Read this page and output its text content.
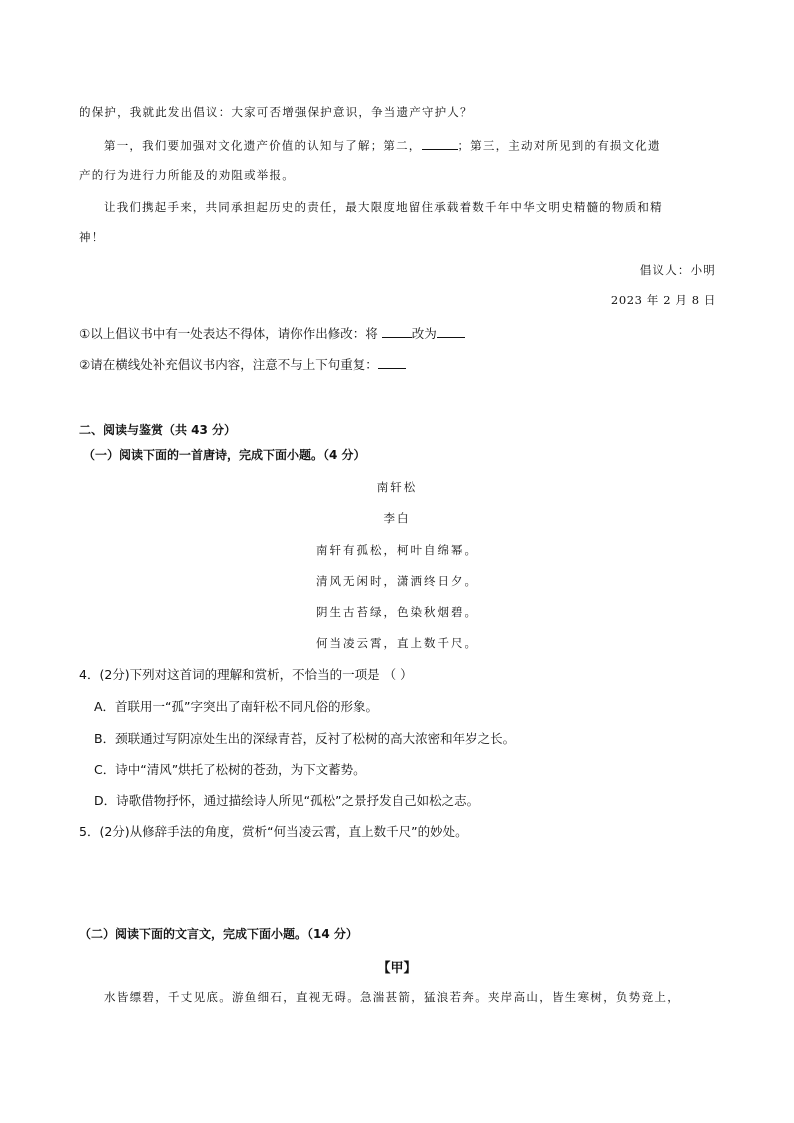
的保护，我就此发出倡议：大家可否增强保护意识，争当遗产守护人？
第一，我们要加强对文化遗产价值的认知与了解；第二，	；第三，主动对所见到的有损文化遗
产的行为进行力所能及的劝阻或举报。
让我们携起手来，共同承担起历史的责任，最大限度地留住承载着数千年中华文明史精髓的物质和精
神！
倡议人：小明
2023 年 2 月 8 日
①以上倡议书中有一处表达不得体，请你作出修改：将	改为
②请在横线处补充倡议书内容，注意不与上下句重复：
二、阅读与鉴赏（共 43 分）
（一）阅读下面的一首唐诗，完成下面小题。（4 分）
南轩松
李白
南轩有孤松，柯叶自绵幂。
清风无闲时，潇洒终日夕。
阴生古苔绿，色染秋烟碧。
何当凌云霄，直上数千尺。
4．(2分)下列对这首词的理解和赏析，不恰当的一项是 （ ）
A．首联用一“孤”字突出了南轩松不同凡俗的形象。
B．颈联通过写阴凉处生出的深绿青苔，反衬了松树的高大浓密和年岁之长。
C．诗中“清风”烘托了松树的苍劲，为下文蓄势。
D．诗歌借物抒怀，通过描绘诗人所见“孤松”之景抒发自己如松之志。
5．(2分)从修辞手法的角度，赏析“何当凌云霄，直上数千尺”的妙处。
（二）阅读下面的文言文，完成下面小题。（14 分）
【甲】
水皆缥碧，千丈见底。游鱼细石，直视无碍。急湍甚箭，猛浪若奔。夹岸高山，皆生寒树，负势竞上，
